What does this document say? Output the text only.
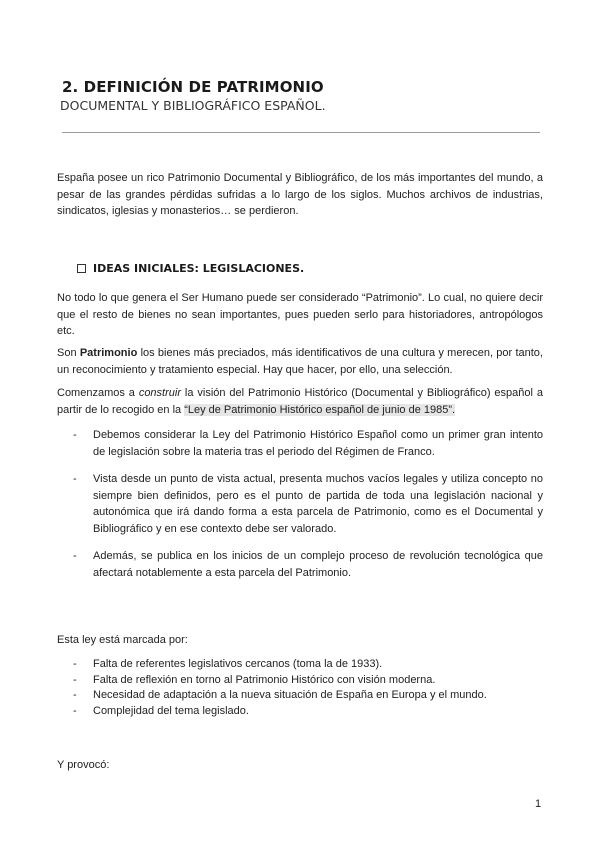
2. DEFINICIÓN DE PATRIMONIO
DOCUMENTAL Y BIBLIOGRÁFICO ESPAÑOL.
España posee un rico Patrimonio Documental y Bibliográfico, de los más importantes del mundo, a pesar de las grandes pérdidas sufridas a lo largo de los siglos. Muchos archivos de industrias, sindicatos, iglesias y monasterios… se perdieron.
IDEAS INICIALES: LEGISLACIONES.
No todo lo que genera el Ser Humano puede ser considerado “Patrimonio”. Lo cual, no quiere decir que el resto de bienes no sean importantes, pues pueden serlo para historiadores, antropólogos etc.
Son Patrimonio los bienes más preciados, más identificativos de una cultura y merecen, por tanto, un reconocimiento y tratamiento especial. Hay que hacer, por ello, una selección.
Comenzamos a construir la visión del Patrimonio Histórico (Documental y Bibliográfico) español a partir de lo recogido en la “Ley de Patrimonio Histórico español de junio de 1985”.
- Debemos considerar la Ley del Patrimonio Histórico Español como un primer gran intento de legislación sobre la materia tras el periodo del Régimen de Franco.
- Vista desde un punto de vista actual, presenta muchos vacíos legales y utiliza concepto no siempre bien definidos, pero es el punto de partida de toda una legislación nacional y autonómica que irá dando forma a esta parcela de Patrimonio, como es el Documental y Bibliográfico y en ese contexto debe ser valorado.
- Además, se publica en los inicios de un complejo proceso de revolución tecnológica que afectará notablemente a esta parcela del Patrimonio.
Esta ley está marcada por:
- Falta de referentes legislativos cercanos (toma la de 1933).
- Falta de reflexión en torno al Patrimonio Histórico con visión moderna.
- Necesidad de adaptación a la nueva situación de España en Europa y el mundo.
- Complejidad del tema legislado.
Y provocó:
1
